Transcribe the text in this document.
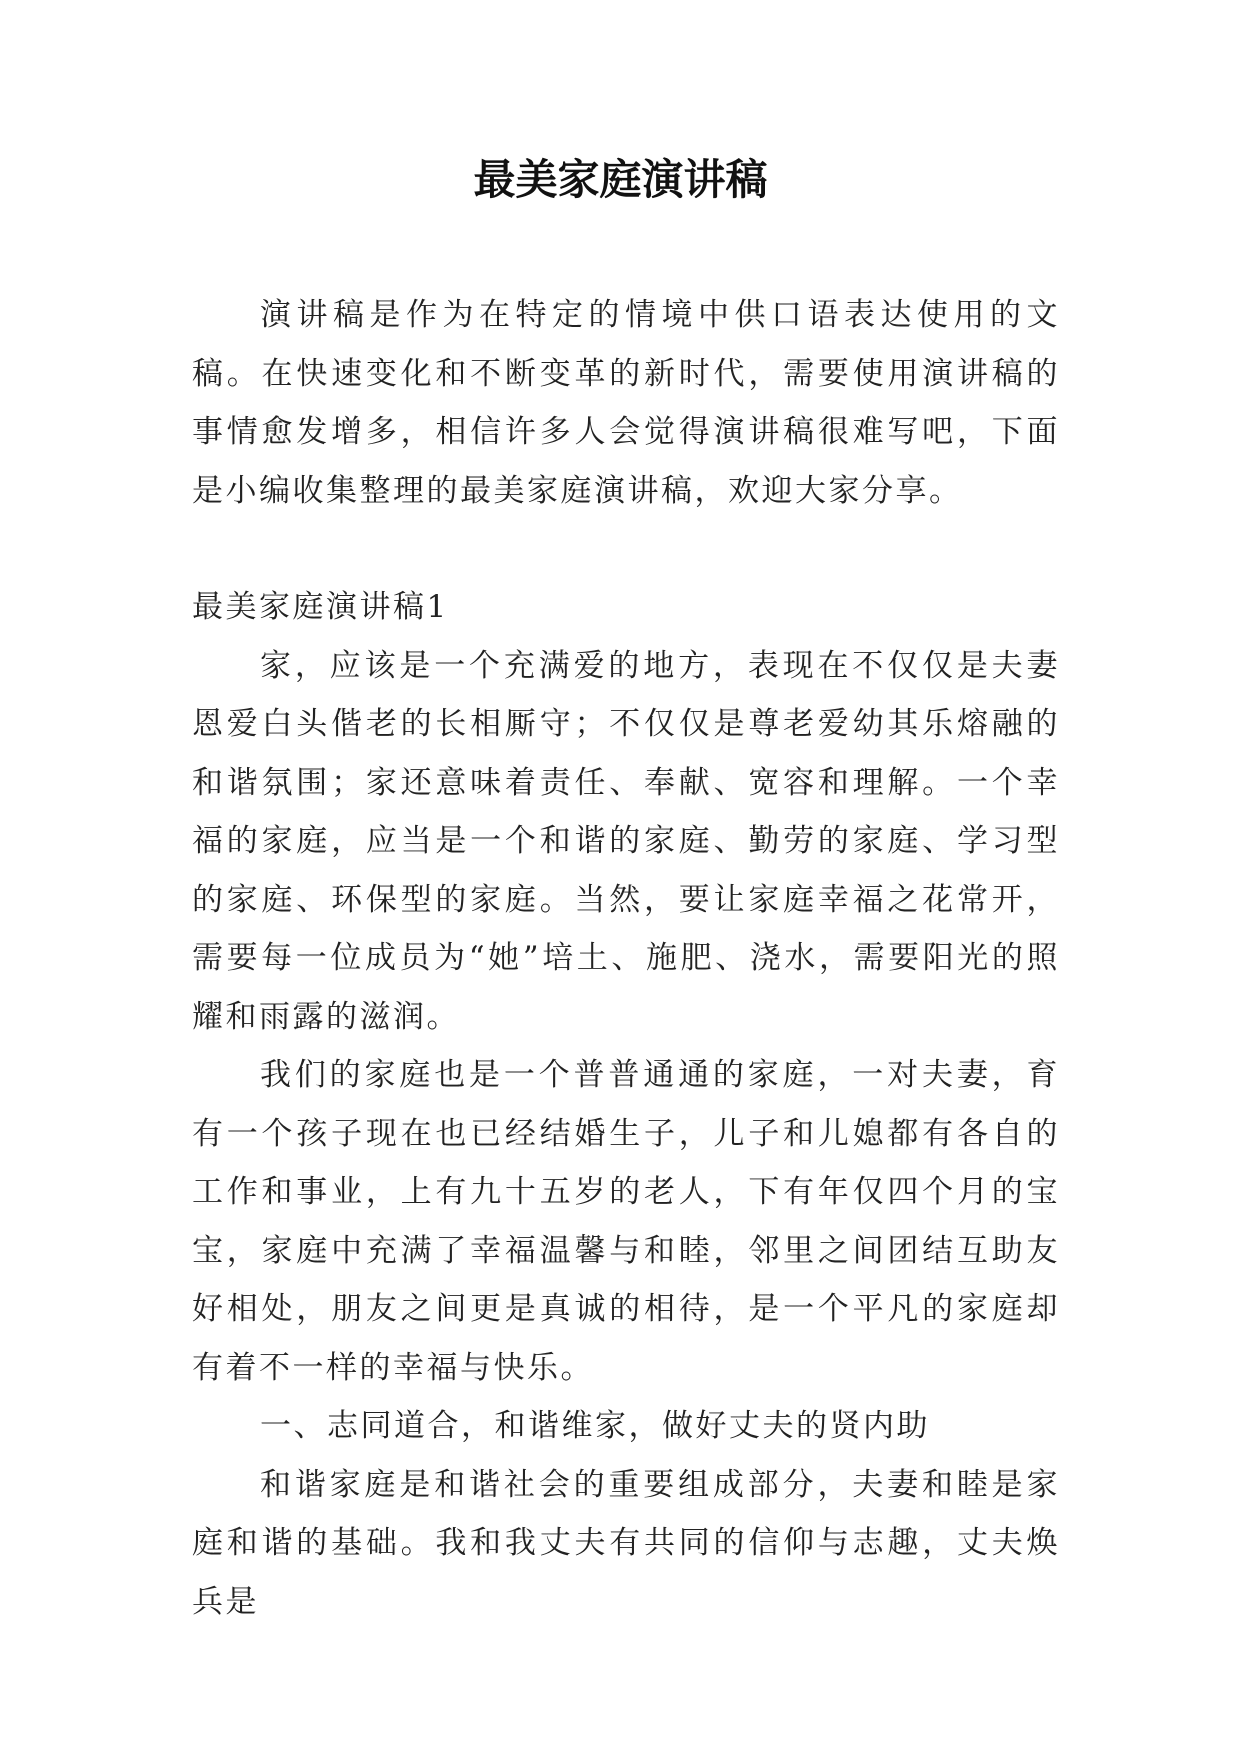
最美家庭演讲稿

演讲稿是作为在特定的情境中供口语表达使用的文稿。在快速变化和不断变革的新时代，需要使用演讲稿的事情愈发增多，相信许多人会觉得演讲稿很难写吧，下面是小编收集整理的最美家庭演讲稿，欢迎大家分享。

最美家庭演讲稿1

家，应该是一个充满爱的地方，表现在不仅仅是夫妻恩爱白头偕老的长相厮守；不仅仅是尊老爱幼其乐熔融的和谐氛围；家还意味着责任、奉献、宽容和理解。一个幸福的家庭，应当是一个和谐的家庭、勤劳的家庭、学习型的家庭、环保型的家庭。当然，要让家庭幸福之花常开，需要每一位成员为“她”培土、施肥、浇水，需要阳光的照耀和雨露的滋润。

我们的家庭也是一个普普通通的家庭，一对夫妻，育有一个孩子现在也已经结婚生子，儿子和儿媳都有各自的工作和事业，上有九十五岁的老人，下有年仅四个月的宝宝，家庭中充满了幸福温馨与和睦，邻里之间团结互助友好相处，朋友之间更是真诚的相待，是一个平凡的家庭却有着不一样的幸福与快乐。

一、志同道合，和谐维家，做好丈夫的贤内助

和谐家庭是和谐社会的重要组成部分，夫妻和睦是家庭和谐的基础。我和我丈夫有共同的信仰与志趣，丈夫焕兵是
